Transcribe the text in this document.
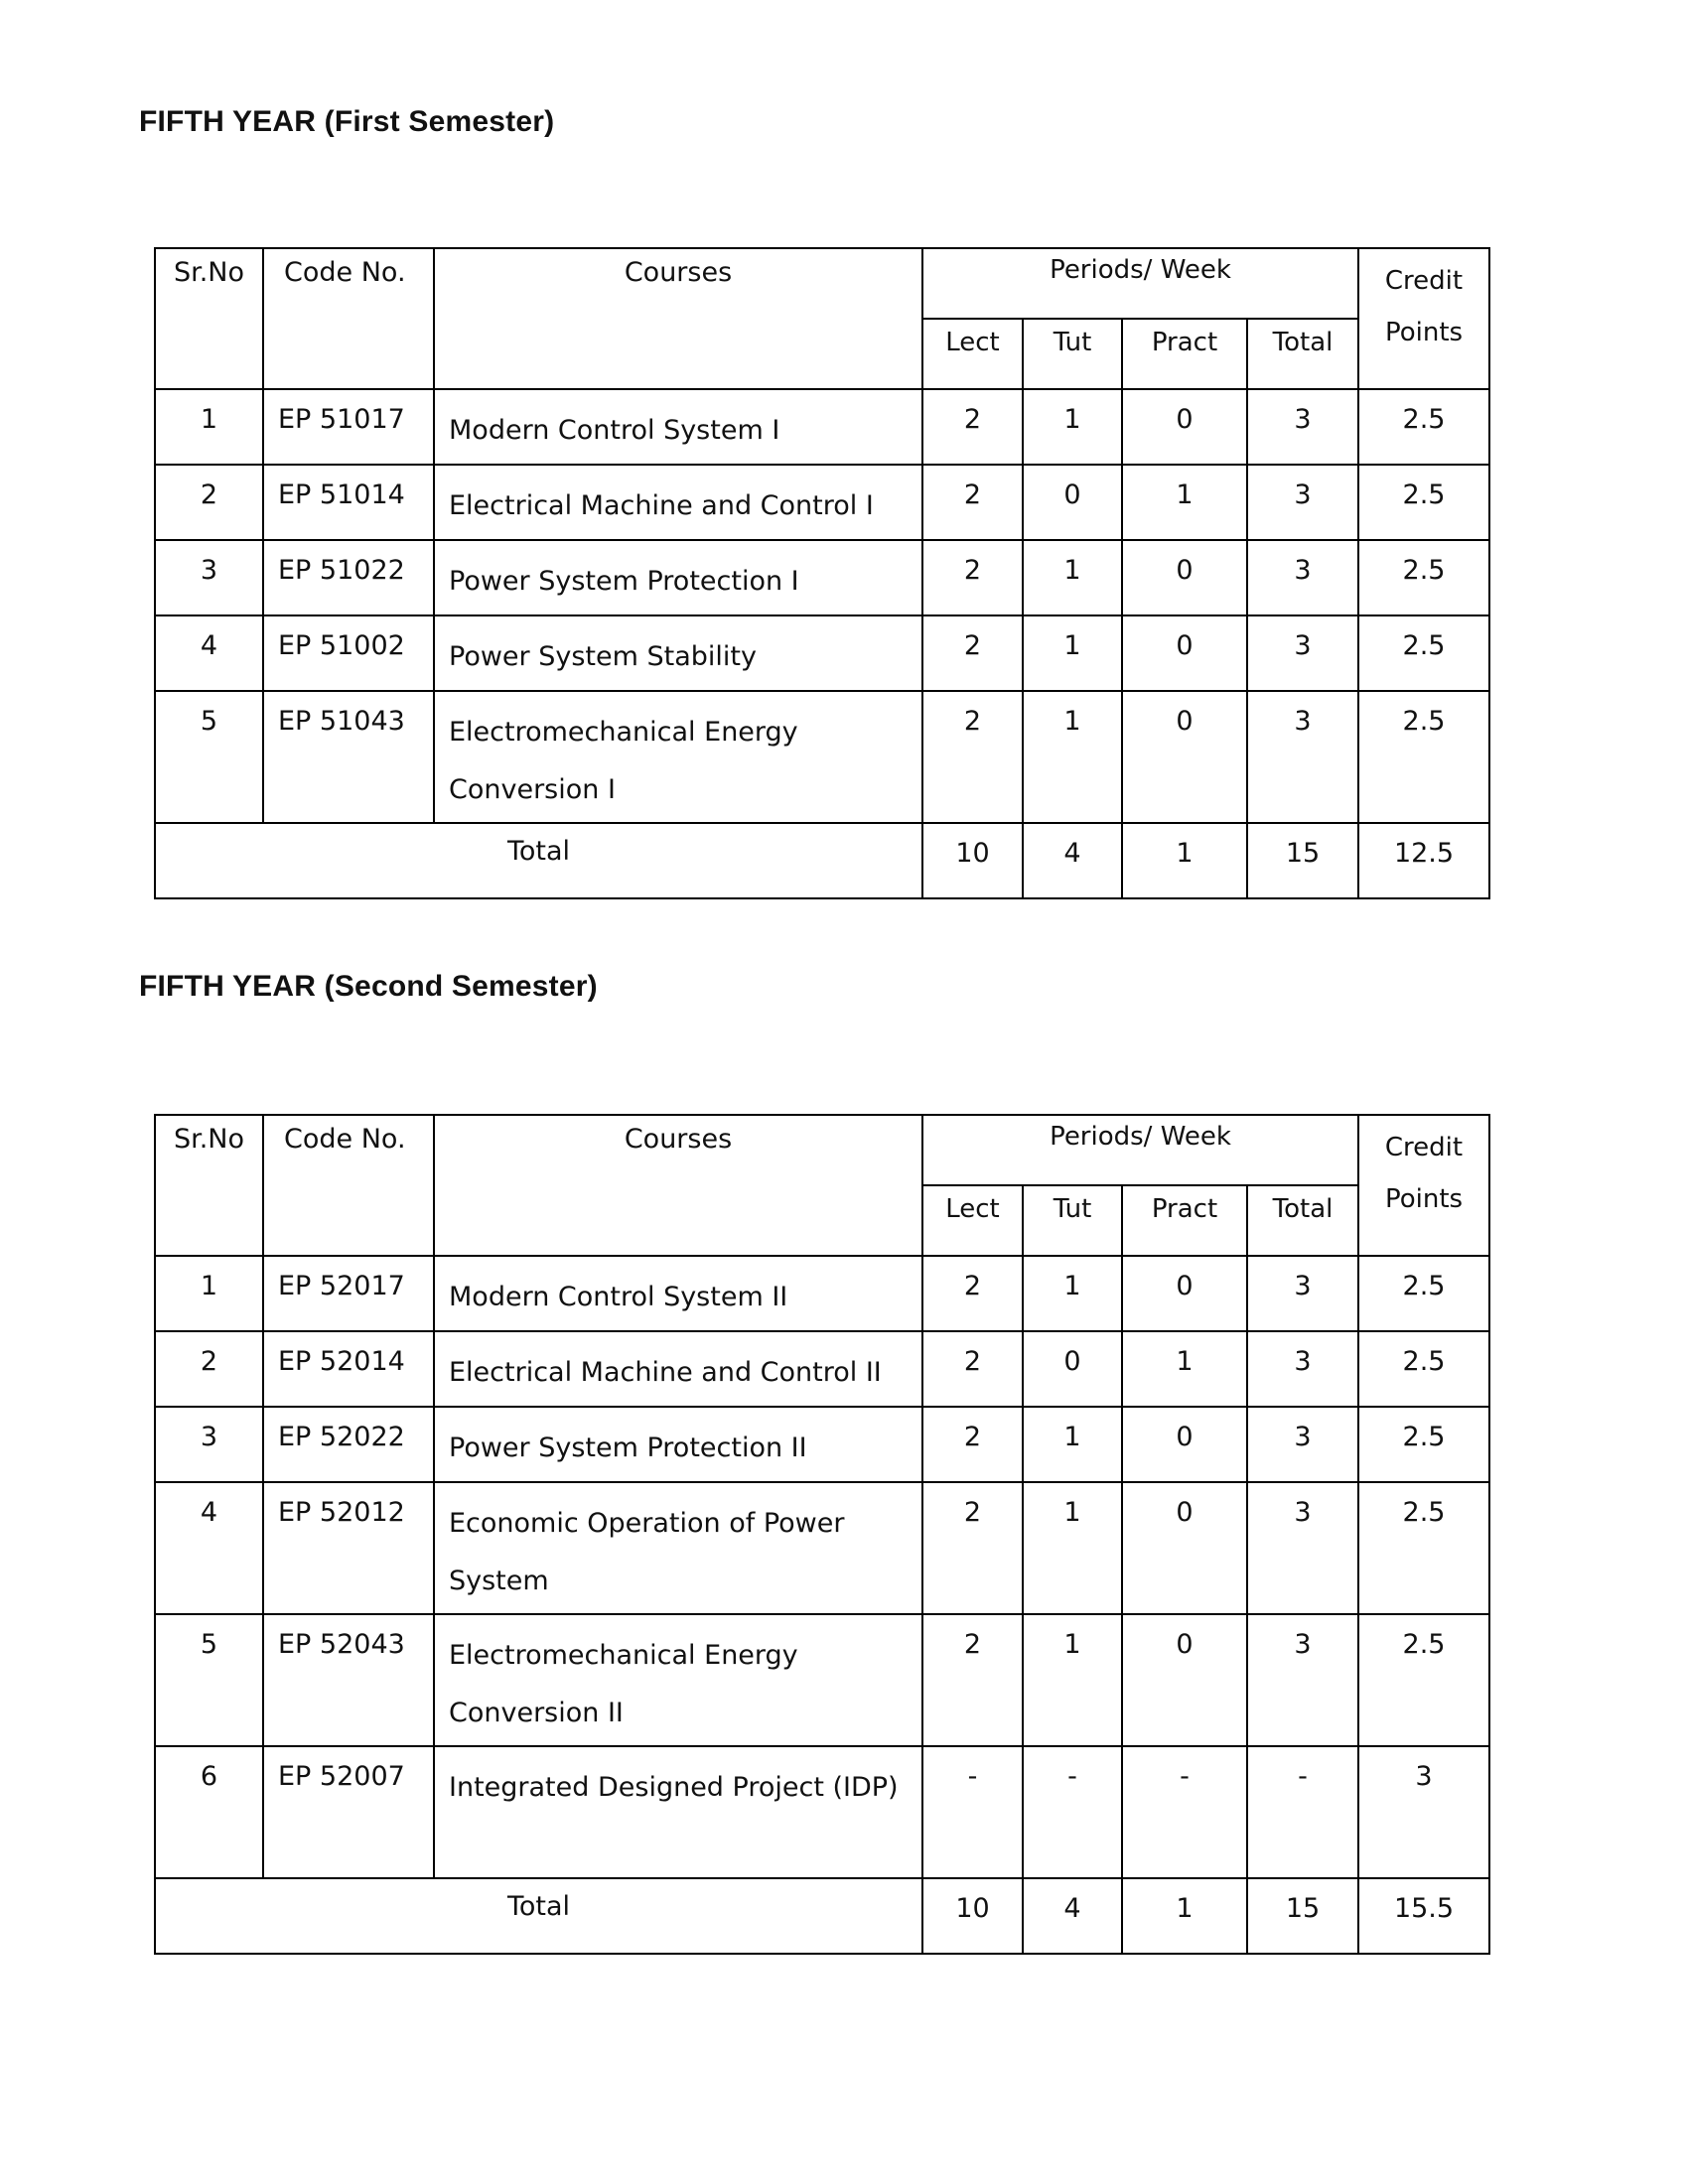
FIFTH YEAR (First Semester)
Sr.No	Code No.	Courses	Periods/ Week				Credit
Points
			Lect	Tut	Pract	Total	
1	EP 51017	Modern Control System I	2	1	0	3	2.5
2	EP 51014	Electrical Machine and Control I	2	0	1	3	2.5
3	EP 51022	Power System Protection I	2	1	0	3	2.5
4	EP 51002	Power System Stability	2	1	0	3	2.5
5	EP 51043	Electromechanical Energy Conversion I	2	1	0	3	2.5
Total			10	4	1	15	12.5
FIFTH YEAR (Second Semester)
Sr.No	Code No.	Courses	Periods/ Week				Credit
Points
			Lect	Tut	Pract	Total	
1	EP 52017	Modern Control System II	2	1	0	3	2.5
2	EP 52014	Electrical Machine and Control II	2	0	1	3	2.5
3	EP 52022	Power System Protection II	2	1	0	3	2.5
4	EP 52012	Economic Operation of Power System	2	1	0	3	2.5
5	EP 52043	Electromechanical Energy Conversion II	2	1	0	3	2.5
6	EP 52007	Integrated Designed Project (IDP)	-	-	-	-	3
Total			10	4	1	15	15.5
